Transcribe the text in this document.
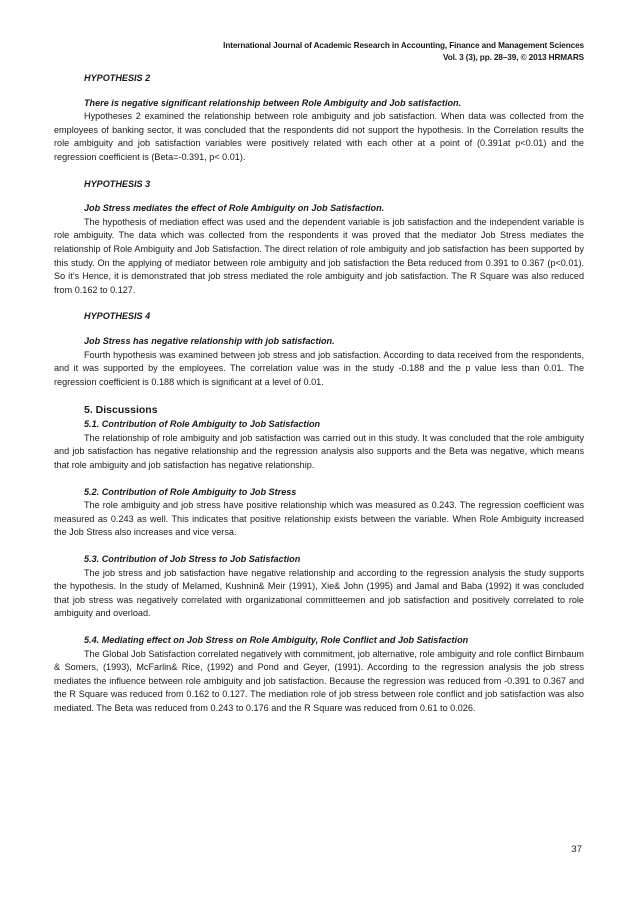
International Journal of Academic Research in Accounting, Finance and Management Sciences
Vol. 3 (3), pp. 28–39, © 2013 HRMARS
HYPOTHESIS 2
There is negative significant relationship between Role Ambiguity and Job satisfaction.

Hypotheses 2 examined the relationship between role ambiguity and job satisfaction. When data was collected from the employees of banking sector, it was concluded that the respondents did not support the hypothesis. In the Correlation results the role ambiguity and job satisfaction variables were positively related with each other at a point of (0.391at p<0.01) and the regression coefficient is (Beta=-0.391, p< 0.01).

HYPOTHESIS 3
Job Stress mediates the effect of Role Ambiguity on Job Satisfaction.

The hypothesis of mediation effect was used and the dependent variable is job satisfaction and the independent variable is role ambiguity. The data which was collected from the respondents it was proved that the mediator Job Stress mediates the relationship of Role Ambiguity and Job Satisfaction. The direct relation of role ambiguity and job satisfaction has been supported by this study. On the applying of mediator between role ambiguity and job satisfaction the Beta reduced from 0.391 to 0.367 (p<0.01). So it’s Hence, it is demonstrated that job stress mediated the role ambiguity and job satisfaction. The R Square was also reduced from 0.162 to 0.127.

HYPOTHESIS 4
Job Stress has negative relationship with job satisfaction.

Fourth hypothesis was examined between job stress and job satisfaction. According to data received from the respondents, and it was supported by the employees. The correlation value was in the study -0.188 and the p value less than 0.01. The regression coefficient is 0.188 which is significant at a level of 0.01.

5. Discussions
5.1. Contribution of Role Ambiguity to Job Satisfaction

The relationship of role ambiguity and job satisfaction was carried out in this study. It was concluded that the role ambiguity and job satisfaction has negative relationship and the regression analysis also supports and the Beta was negative, which means that role ambiguity and job satisfaction has negative relationship.

5.2. Contribution of Role Ambiguity to Job Stress

The role ambiguity and job stress have positive relationship which was measured as 0.243. The regression coefficient was measured as 0.243 as well. This indicates that positive relationship exists between the variable. When Role Ambiguity increased the Job Stress also increases and vice versa.

5.3. Contribution of Job Stress to Job Satisfaction

The job stress and job satisfaction have negative relationship and according to the regression analysis the study supports the hypothesis. In the study of Melamed, Kushnin& Meir (1991), Xie& John (1995) and Jamal and Baba (1992) it was concluded that job stress was negatively correlated with organizational committeemen and job satisfaction and positively correlated to role ambiguity and overload.

5.4. Mediating effect on Job Stress on Role Ambiguity, Role Conflict and Job Satisfaction

The Global Job Satisfaction correlated negatively with commitment, job alternative, role ambiguity and role conflict Birnbaum & Somers, (1993), McFarlin& Rice, (1992) and Pond and Geyer, (1991). According to the regression analysis the job stress mediates the influence between role ambiguity and job satisfaction. Because the regression was reduced from -0.391 to 0.367 and the R Square was reduced from 0.162 to 0.127. The mediation role of job stress between role conflict and job satisfaction was also mediated. The Beta was reduced from 0.243 to 0.176 and the R Square was reduced from 0.61 to 0.026.

37
